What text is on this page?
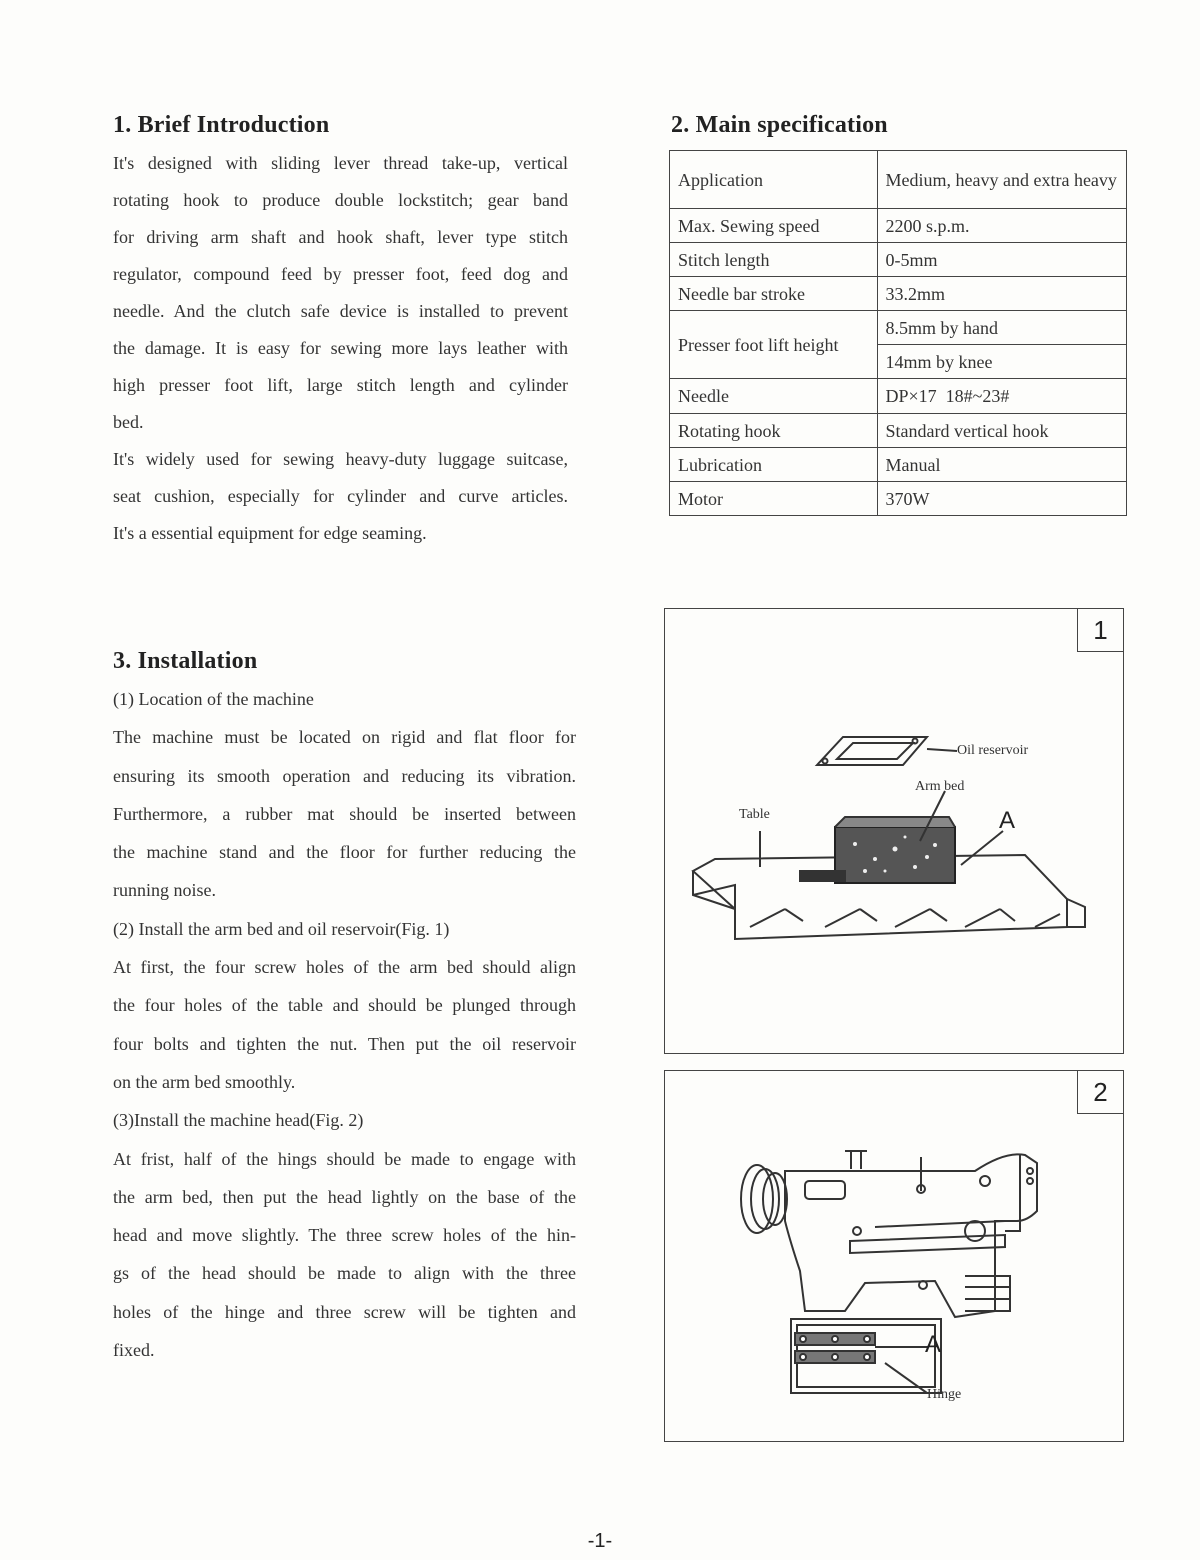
1. Brief Introduction

It's designed with sliding lever thread take-up, vertical

rotating hook to produce double lockstitch; gear band

for driving arm shaft and hook shaft, lever type stitch

regulator, compound feed by presser foot, feed dog and

needle. And the clutch safe device is installed to prevent

the damage. It is easy for sewing more lays leather with

high presser foot lift, large stitch length and cylinder

bed.

It's widely used for sewing heavy-duty luggage suitcase,

seat cushion, especially for cylinder and curve articles.

It's a essential equipment for edge seaming.

2. Main specification
Application	Medium, heavy and extra heavy
Max. Sewing speed	2200 s.p.m.
Stitch length	0-5mm
Needle bar stroke	33.2mm
Presser foot lift height	8.5mm by hand
	14mm by knee
Needle	DP×17  18#~23#
Rotating hook	Standard vertical hook
Lubrication	Manual
Motor	370W
3. Installation

(1) Location of the machine

The machine must be located on rigid and flat floor for

ensuring its smooth operation and reducing its vibration.

Furthermore, a rubber mat should be inserted between

the machine stand and the floor for further reducing the

running noise.

(2) Install the arm bed and oil reservoir(Fig. 1)

At first, the four screw holes of the arm bed should align

the four holes of the table and should be plunged through

four bolts and tighten the nut. Then put the oil reservoir

on the arm bed smoothly.

(3)Install the machine head(Fig. 2)

At frist, half of the hings should be made to engage with

the arm bed, then put the head lightly on the base of the

head and move slightly. The three screw holes of the hin-

gs of the head should be made to align with the three

holes of the hinge and three screw will be tighten and

fixed.

1
Oil reservoir
Arm bed
Table	A
2
A
Hinge
-1-
